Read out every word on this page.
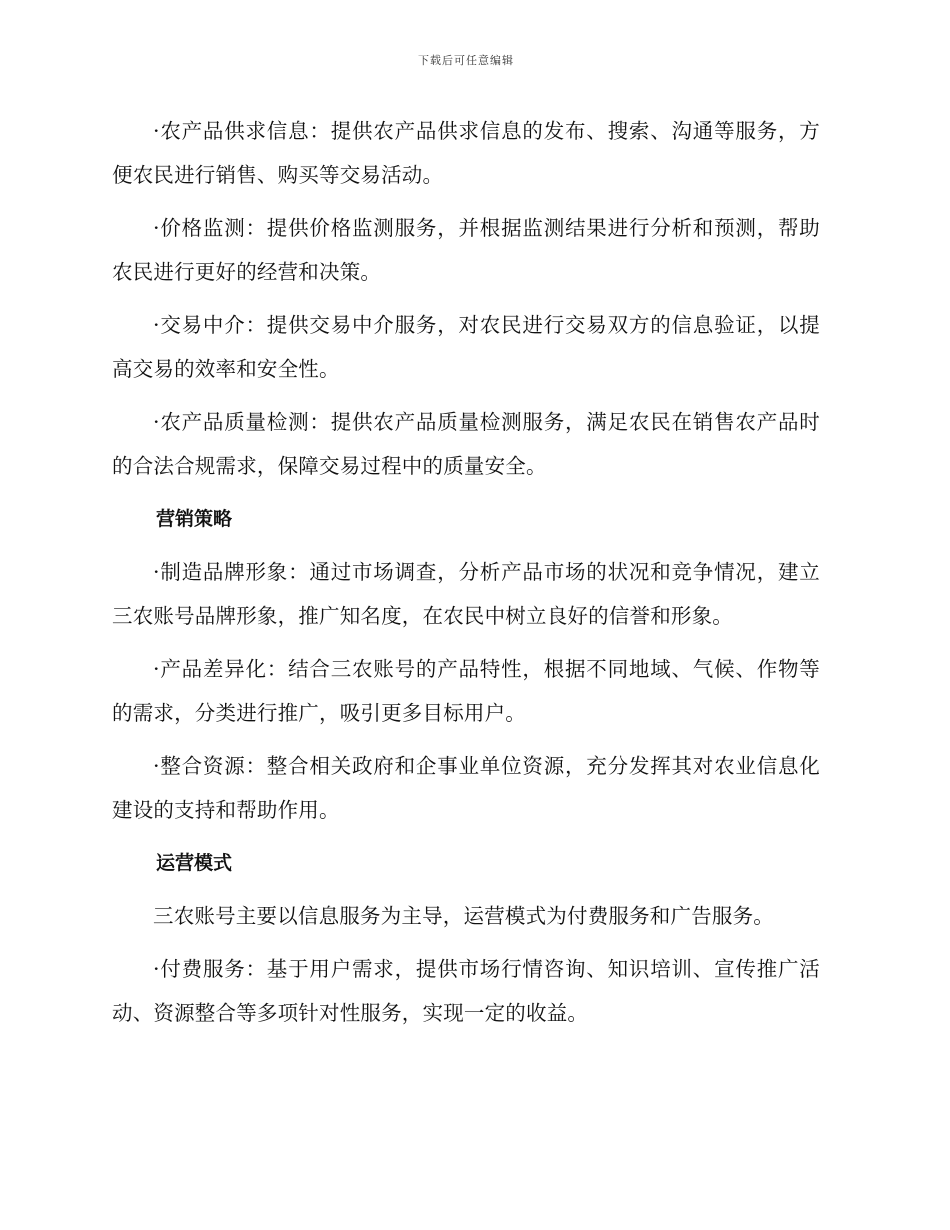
下载后可任意编辑

·农产品供求信息：提供农产品供求信息的发布、搜索、沟通等服务，方便农民进行销售、购买等交易活动。

·价格监测：提供价格监测服务，并根据监测结果进行分析和预测，帮助农民进行更好的经营和决策。

·交易中介：提供交易中介服务，对农民进行交易双方的信息验证，以提高交易的效率和安全性。

·农产品质量检测：提供农产品质量检测服务，满足农民在销售农产品时的合法合规需求，保障交易过程中的质量安全。

营销策略

·制造品牌形象：通过市场调查，分析产品市场的状况和竞争情况，建立三农账号品牌形象，推广知名度，在农民中树立良好的信誉和形象。

·产品差异化：结合三农账号的产品特性，根据不同地域、气候、作物等的需求，分类进行推广，吸引更多目标用户。

·整合资源：整合相关政府和企事业单位资源，充分发挥其对农业信息化建设的支持和帮助作用。

运营模式

三农账号主要以信息服务为主导，运营模式为付费服务和广告服务。

·付费服务：基于用户需求，提供市场行情咨询、知识培训、宣传推广活动、资源整合等多项针对性服务，实现一定的收益。
